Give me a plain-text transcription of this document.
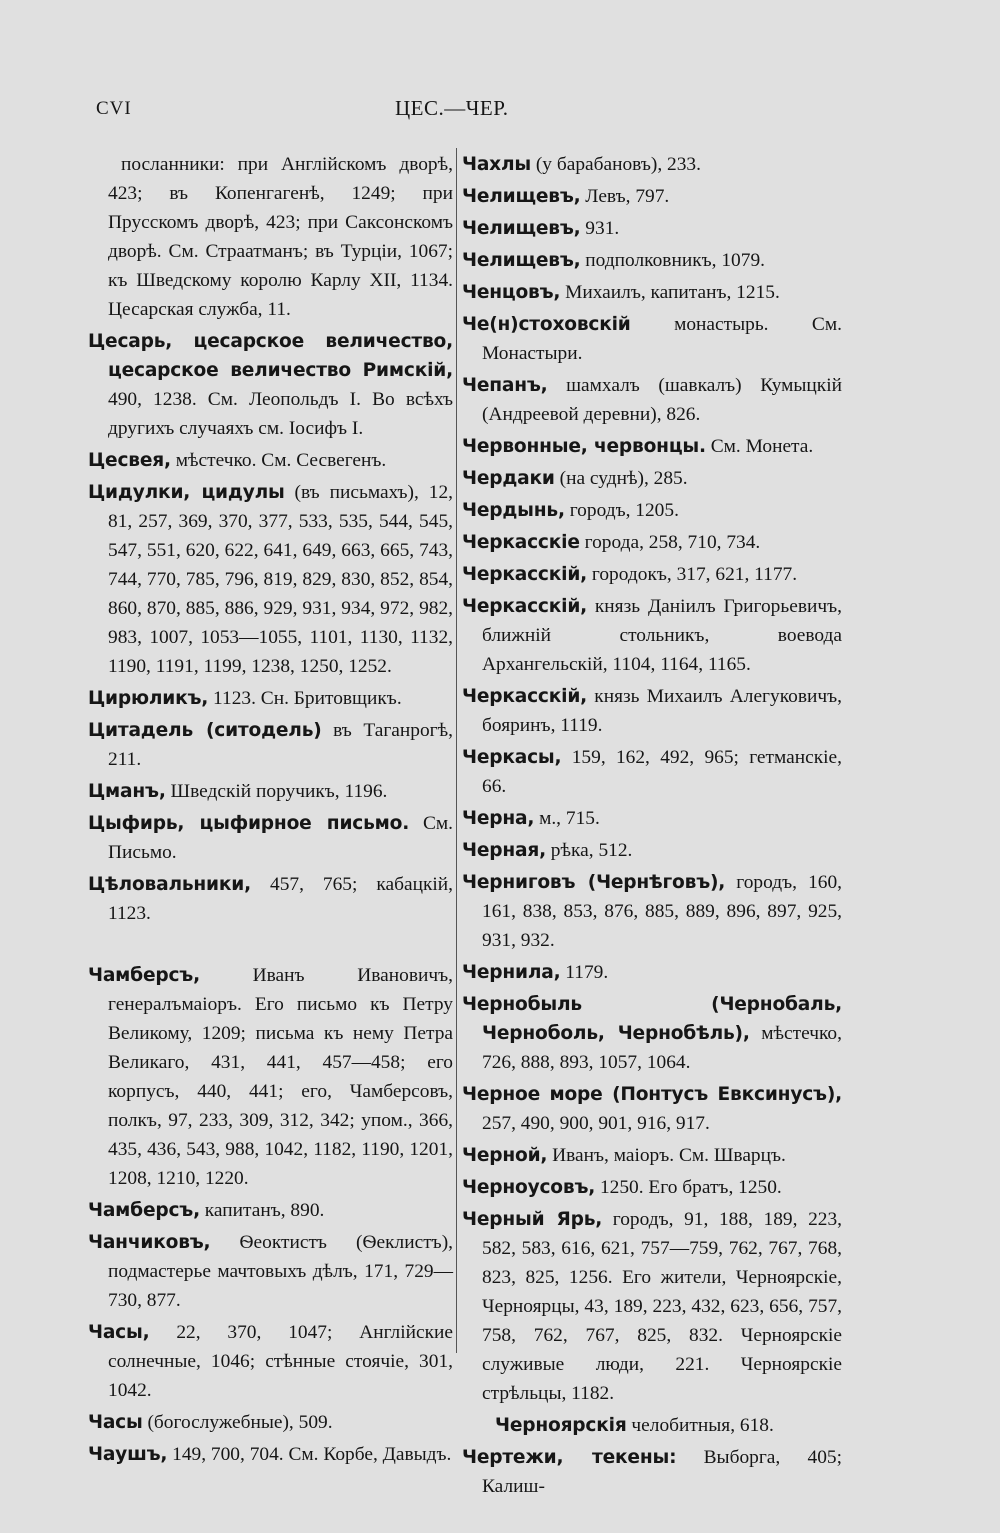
CVI	ЦЕС.—ЧЕР.

посланники: при Англійскомъ дворѣ, 423; въ Копенгагенѣ, 1249; при Прусскомъ дворѣ, 423; при Саксонскомъ дворѣ. См. Страатманъ; въ Турціи, 1067; къ Шведскому королю Карлу XII, 1134. Цесарская служба, 11.

Цесарь, цесарское величество, цесарское величество Римскій, 490, 1238. См. Леопольдъ I. Во всѣхъ другихъ случаяхъ см. Іосифъ I.

Цесвея, мѣстечко. См. Сесвегенъ.

Цидулки, цидулы (въ письмахъ), 12, 81, 257, 369, 370, 377, 533, 535, 544, 545, 547, 551, 620, 622, 641, 649, 663, 665, 743, 744, 770, 785, 796, 819, 829, 830, 852, 854, 860, 870, 885, 886, 929, 931, 934, 972, 982, 983, 1007, 1053—1055, 1101, 1130, 1132, 1190, 1191, 1199, 1238, 1250, 1252.

Цирюликъ, 1123. Сн. Бритовщикъ.

Цитадель (ситодель) въ Таганрогѣ, 211.

Цманъ, Шведскій поручикъ, 1196.

Цыфирь, цыфирное письмо. См. Письмо.

Цѣловальники, 457, 765; кабацкій, 1123.

Чамберсъ, Иванъ Ивановичъ, генералъмаіоръ. Его письмо къ Петру Великому, 1209; письма къ нему Петра Великаго, 431, 441, 457—458; его корпусъ, 440, 441; его, Чамберсовъ, полкъ, 97, 233, 309, 312, 342; упом., 366, 435, 436, 543, 988, 1042, 1182, 1190, 1201, 1208, 1210, 1220.

Чамберсъ, капитанъ, 890.

Чанчиковъ, Ѳеоктистъ (Ѳеклистъ), подмастерье мачтовыхъ дѣлъ, 171, 729—730, 877.

Часы, 22, 370, 1047; Англійские солнечные, 1046; стѣнные стоячіе, 301, 1042.

Часы (богослужебные), 509.

Чаушъ, 149, 700, 704. См. Корбе, Давыдъ.

Чахлы (у барабановъ), 233.

Челищевъ, Левъ, 797.

Челищевъ, 931.

Челищевъ, подполковникъ, 1079.

Ченцовъ, Михаилъ, капитанъ, 1215.

Че(н)стоховскій монастырь. См. Монастыри.

Чепанъ, шамхалъ (шавкалъ) Кумыцкій (Андреевой деревни), 826.

Червонные, червонцы. См. Монета.

Чердаки (на суднѣ), 285.

Чердынь, городъ, 1205.

Черкасскіе города, 258, 710, 734.

Черкасскій, городокъ, 317, 621, 1177.

Черкасскій, князь Даніилъ Григорьевичъ, ближній стольникъ, воевода Архангельскій, 1104, 1164, 1165.

Черкасскій, князь Михаилъ Алегуковичъ, бояринъ, 1119.

Черкасы, 159, 162, 492, 965; гетманскіе, 66.

Черна, м., 715.

Черная, рѣка, 512.

Черниговъ (Чернѣговъ), городъ, 160, 161, 838, 853, 876, 885, 889, 896, 897, 925, 931, 932.

Чернила, 1179.

Чернобыль (Чернобаль, Чернобoль, Чернобѣль), мѣстечко, 726, 888, 893, 1057, 1064.

Черное море (Понтусъ Евксинусъ), 257, 490, 900, 901, 916, 917.

Черной, Иванъ, маіоръ. См. Шварцъ.

Черноусовъ, 1250. Его братъ, 1250.

Черный Ярь, городъ, 91, 188, 189, 223, 582, 583, 616, 621, 757—759, 762, 767, 768, 823, 825, 1256. Его жители, Черноярскіе, Черноярцы, 43, 189, 223, 432, 623, 656, 757, 758, 762, 767, 825, 832. Черноярскіе служивые люди, 221. Черноярскіе стрѣльцы, 1182.

Черноярскія челобитныя, 618.

Чертежи, текены: Выборга, 405; Калиш-
